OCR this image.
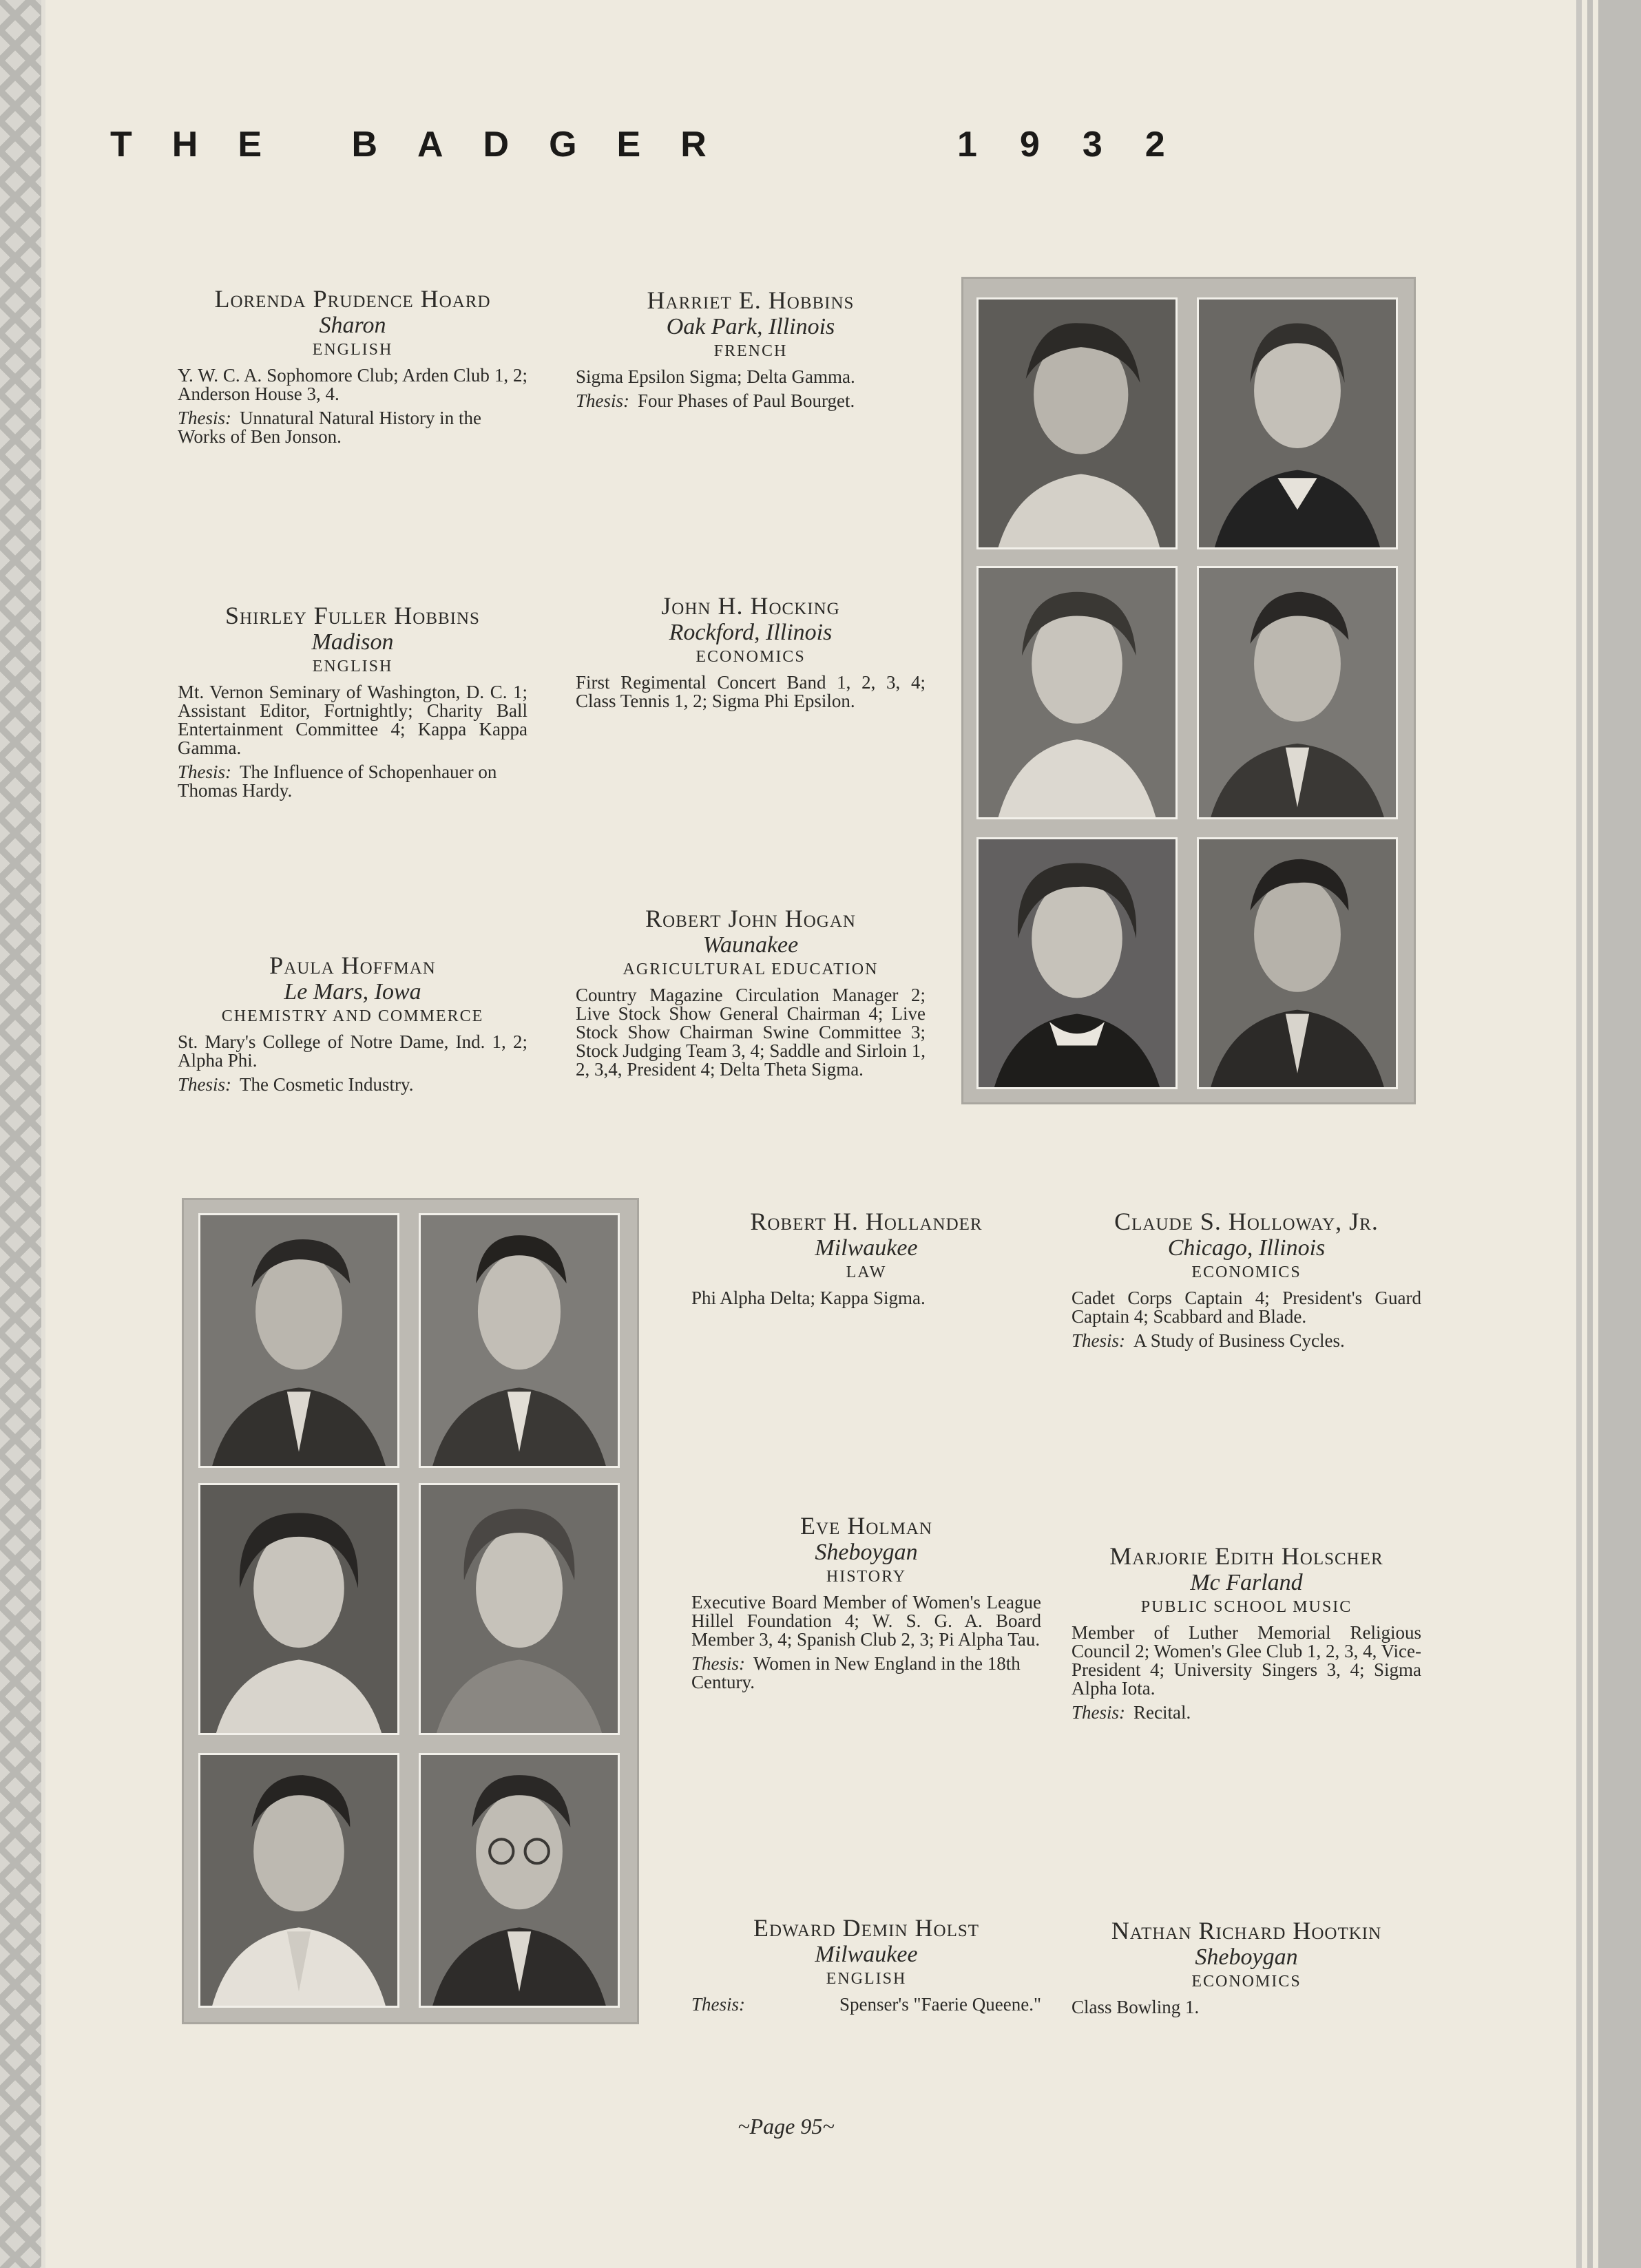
THE BADGER	1932
Lorenda Prudence Hoard
Sharon
ENGLISH
Y. W. C. A. Sophomore Club; Arden Club 1, 2; Anderson House 3, 4.
Thesis: Unnatural Natural History in the Works of Ben Jonson.
Harriet E. Hobbins
Oak Park, Illinois
FRENCH
Sigma Epsilon Sigma; Delta Gamma.
Thesis: Four Phases of Paul Bourget.
Shirley Fuller Hobbins
Madison
ENGLISH
Mt. Vernon Seminary of Washington, D. C. 1; Assistant Editor, Fortnightly; Charity Ball Entertainment Committee 4; Kappa Kappa Gamma.
Thesis: The Influence of Schopenhauer on Thomas Hardy.
John H. Hocking
Rockford, Illinois
ECONOMICS
First Regimental Concert Band 1, 2, 3, 4; Class Tennis 1, 2; Sigma Phi Epsilon.
Paula Hoffman
Le Mars, Iowa
CHEMISTRY AND COMMERCE
St. Mary's College of Notre Dame, Ind. 1, 2; Alpha Phi.
Thesis: The Cosmetic Industry.
Robert John Hogan
Waunakee
AGRICULTURAL EDUCATION
Country Magazine Circulation Manager 2; Live Stock Show General Chairman 4; Live Stock Show Chairman Swine Committee 3; Stock Judging Team 3, 4; Saddle and Sirloin 1, 2, 3,4, President 4; Delta Theta Sigma.
Robert H. Hollander
Milwaukee
LAW
Phi Alpha Delta; Kappa Sigma.
Claude S. Holloway, Jr.
Chicago, Illinois
ECONOMICS
Cadet Corps Captain 4; President's Guard Captain 4; Scabbard and Blade.
Thesis: A Study of Business Cycles.
Eve Holman
Sheboygan
HISTORY
Executive Board Member of Women's League Hillel Foundation 4; W. S. G. A. Board Member 3, 4; Spanish Club 2, 3; Pi Alpha Tau.
Thesis: Women in New England in the 18th Century.
Marjorie Edith Holscher
Mc Farland
PUBLIC SCHOOL MUSIC
Member of Luther Memorial Religious Council 2; Women's Glee Club 1, 2, 3, 4, Vice-President 4; University Singers 3, 4; Sigma Alpha Iota.
Thesis: Recital.
Edward Demin Holst
Milwaukee
ENGLISH
Thesis:	Spenser's "Faerie Queene."
Nathan Richard Hootkin
Sheboygan
ECONOMICS
Class Bowling 1.
~Page 95~
